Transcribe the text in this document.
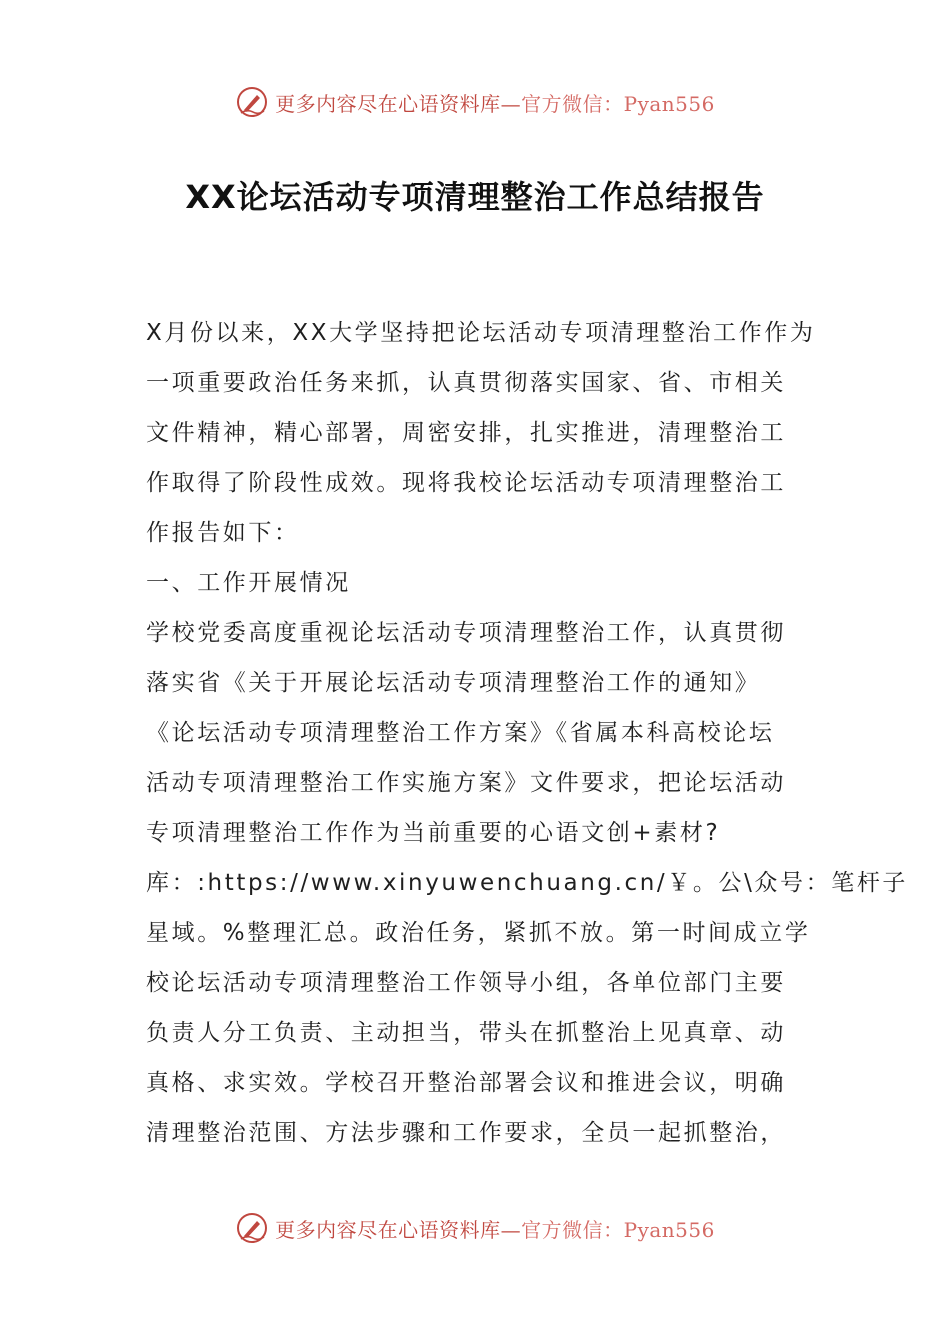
更多内容尽在心语资料库—官方微信：Pyan556
XX论坛活动专项清理整治工作总结报告
X月份以来，XX大学坚持把论坛活动专项清理整治工作作为
一项重要政治任务来抓，认真贯彻落实国家、省、市相关
文件精神，精心部署，周密安排，扎实推进，清理整治工
作取得了阶段性成效。现将我校论坛活动专项清理整治工
作报告如下：
一、工作开展情况
学校党委高度重视论坛活动专项清理整治工作，认真贯彻
落实省《关于开展论坛活动专项清理整治工作的通知》
《论坛活动专项清理整治工作方案》《省属本科高校论坛
活动专项清理整治工作实施方案》文件要求，把论坛活动
专项清理整治工作作为当前重要的心语文创+素材?
库：:https://www.xinyuwenchuang.cn/￥。公\众号：笔杆子
星域。%整理汇总。政治任务，紧抓不放。第一时间成立学
校论坛活动专项清理整治工作领导小组，各单位部门主要
负责人分工负责、主动担当，带头在抓整治上见真章、动
真格、求实效。学校召开整治部署会议和推进会议，明确
清理整治范围、方法步骤和工作要求，全员一起抓整治，
更多内容尽在心语资料库—官方微信：Pyan556
